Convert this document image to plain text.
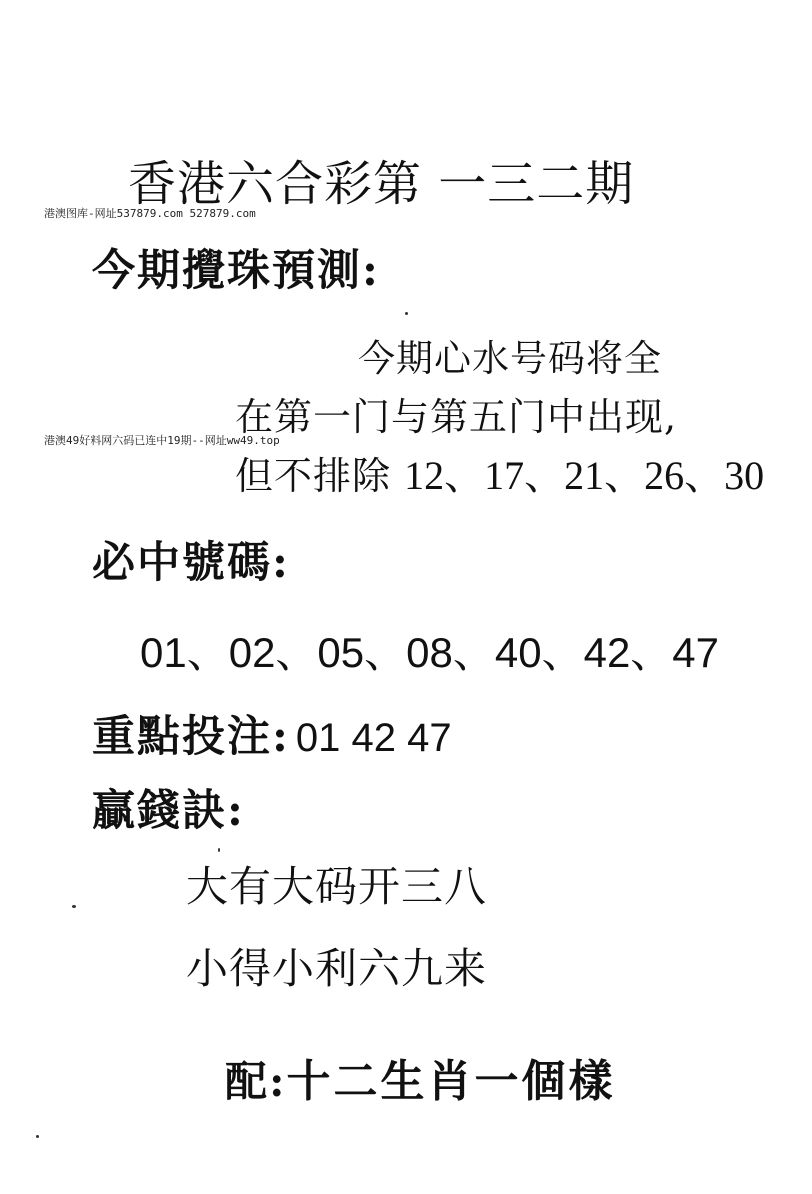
香港六合彩第 一三二期
港澳图库-网址537879.com 527879.com
今期攪珠預測:
今期心水号码将全
在第一门与第五门中出现,
港澳49好料网六码已连中19期--网址ww49.top
但不排除 12、17、21、26、30
必中號碼:
01、02、05、08、40、42、47
重點投注: 01 42 47
贏錢訣:
大有大码开三八
小得小利六九来
配:十二生肖一個樣
